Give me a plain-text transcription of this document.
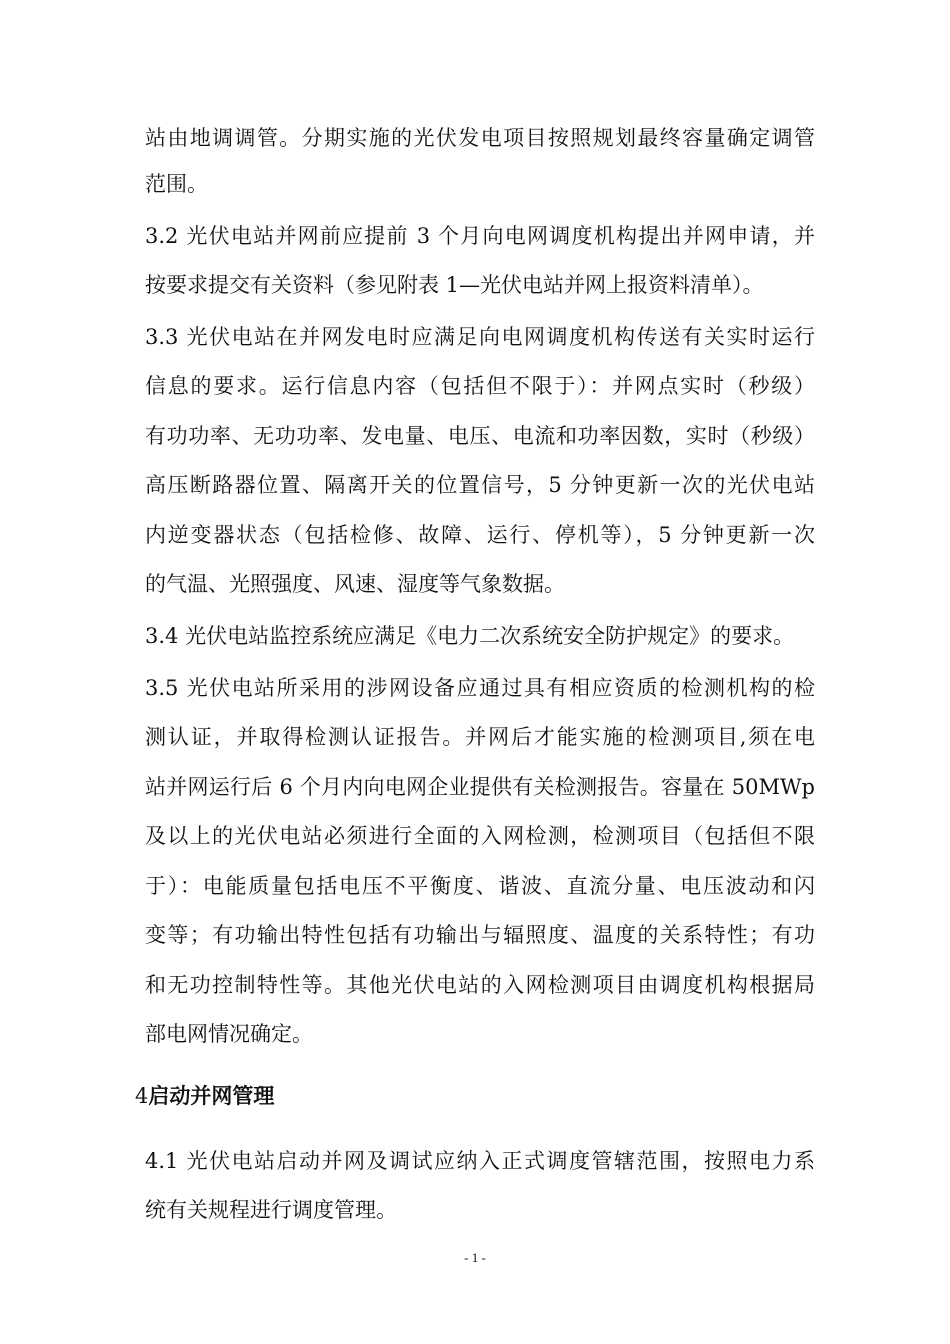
站由地调调管。分期实施的光伏发电项目按照规划最终容量确定调管
范围。
3.2 光伏电站并网前应提前 3 个月向电网调度机构提出并网申请，并
按要求提交有关资料（参见附表 1—光伏电站并网上报资料清单）。
3.3 光伏电站在并网发电时应满足向电网调度机构传送有关实时运行
信息的要求。运行信息内容（包括但不限于）：并网点实时（秒级）
有功功率、无功功率、发电量、电压、电流和功率因数，实时（秒级）
高压断路器位置、隔离开关的位置信号，5 分钟更新一次的光伏电站
内逆变器状态（包括检修、故障、运行、停机等），5 分钟更新一次
的气温、光照强度、风速、湿度等气象数据。
3.4 光伏电站监控系统应满足《电力二次系统安全防护规定》的要求。
3.5 光伏电站所采用的涉网设备应通过具有相应资质的检测机构的检
测认证，并取得检测认证报告。并网后才能实施的检测项目,须在电
站并网运行后 6 个月内向电网企业提供有关检测报告。容量在 50MWp
及以上的光伏电站必须进行全面的入网检测，检测项目（包括但不限
于）：电能质量包括电压不平衡度、谐波、直流分量、电压波动和闪
变等；有功输出特性包括有功输出与辐照度、温度的关系特性；有功
和无功控制特性等。其他光伏电站的入网检测项目由调度机构根据局
部电网情况确定。
4启动并网管理
4.1 光伏电站启动并网及调试应纳入正式调度管辖范围，按照电力系
统有关规程进行调度管理。
- 1 -
